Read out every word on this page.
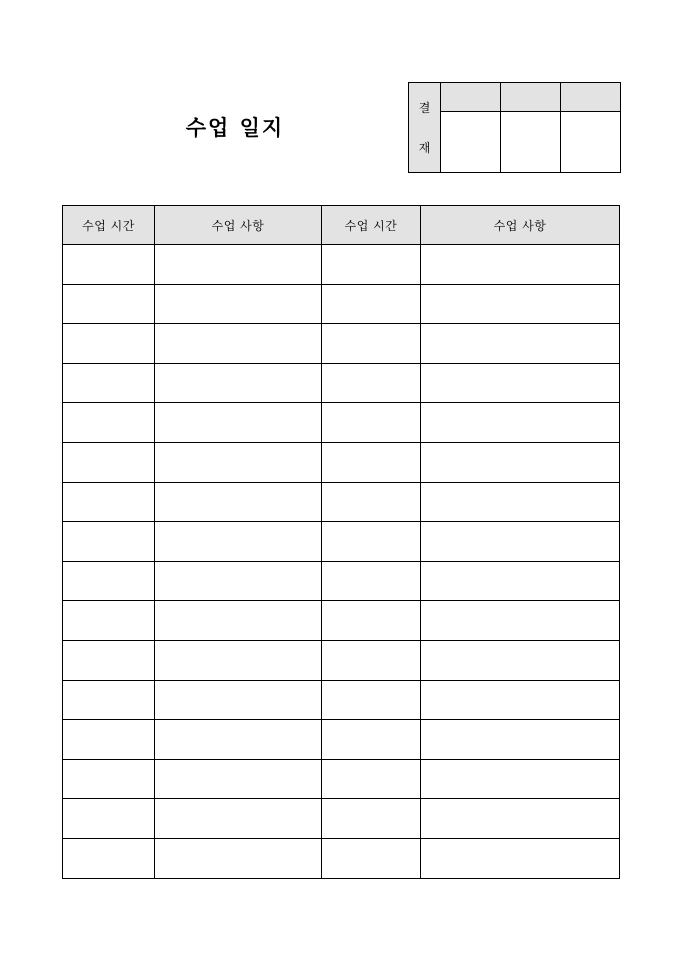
수업 일지
결
재			

수업 시간	수업 사항	수업 시간	수업 사항
